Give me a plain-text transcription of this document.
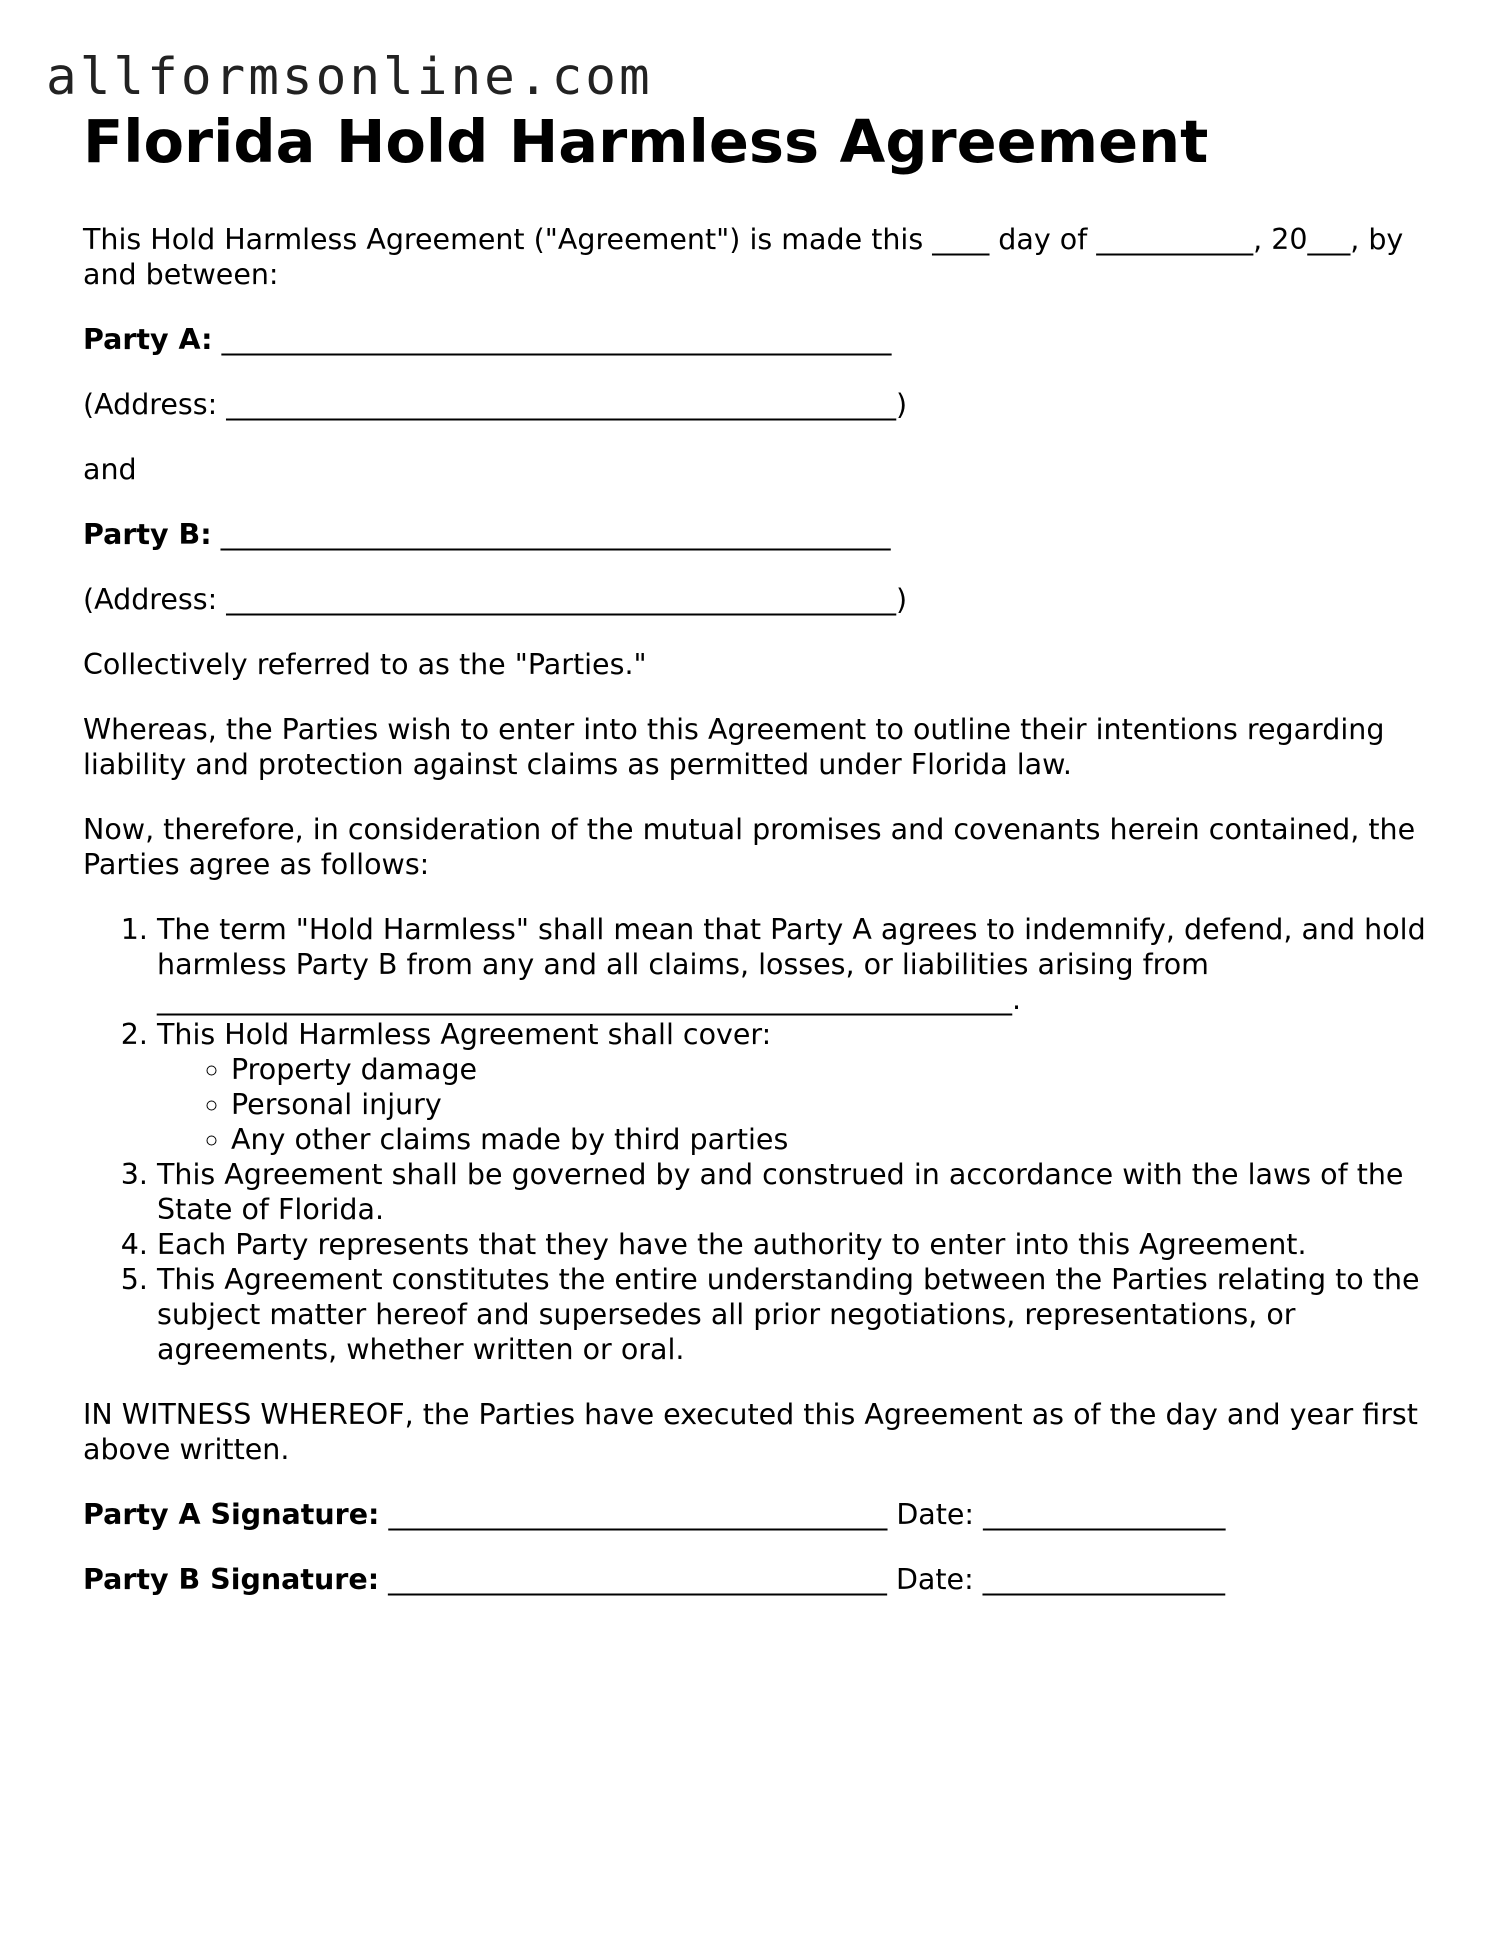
allformsonline.com
Florida Hold Harmless Agreement

This Hold Harmless Agreement ("Agreement") is made this ____ day of ___________, 20___, by and between:

Party A: _______________________________________________

(Address: _______________________________________________)

and

Party B: _______________________________________________

(Address: _______________________________________________)

Collectively referred to as the "Parties."

Whereas, the Parties wish to enter into this Agreement to outline their intentions regarding liability and protection against claims as permitted under Florida law.

Now, therefore, in consideration of the mutual promises and covenants herein contained, the Parties agree as follows:

1. The term "Hold Harmless" shall mean that Party A agrees to indemnify, defend, and hold harmless Party B from any and all claims, losses, or liabilities arising from ____________________________________________________________.
2. This Hold Harmless Agreement shall cover:
◦ Property damage
◦ Personal injury
◦ Any other claims made by third parties
3. This Agreement shall be governed by and construed in accordance with the laws of the State of Florida.
4. Each Party represents that they have the authority to enter into this Agreement.
5. This Agreement constitutes the entire understanding between the Parties relating to the subject matter hereof and supersedes all prior negotiations, representations, or agreements, whether written or oral.

IN WITNESS WHEREOF, the Parties have executed this Agreement as of the day and year first above written.

Party A Signature: ___________________________________ Date: _________________
Party B Signature: ___________________________________ Date: _________________
